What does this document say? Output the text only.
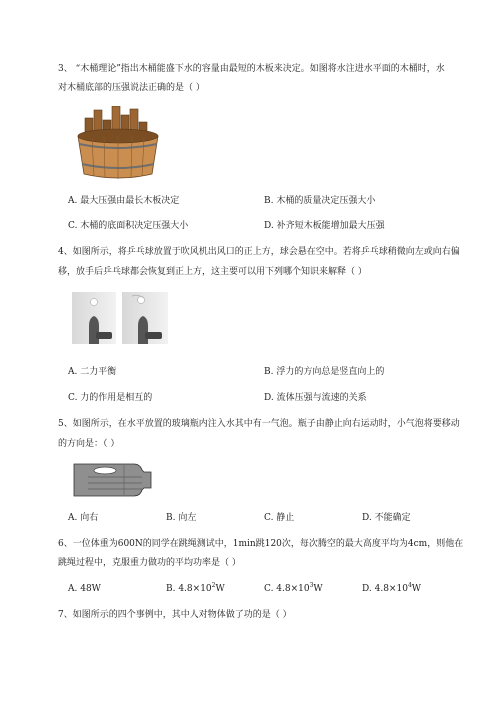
3、 “木桶理论”指出木桶能盛下水的容量由最短的木板来决定。如图将水注进水平面的木桶时，水
对木桶底部的压强说法正确的是（ ）
A. 最大压强由最长木板决定	B. 木桶的质量决定压强大小
C. 木桶的底面积决定压强大小	D. 补齐短木板能增加最大压强
4、如图所示，将乒乓球放置于吹风机出风口的正上方，球会悬在空中。若将乒乓球稍微向左或向右偏
移，放手后乒乓球都会恢复到正上方，这主要可以用下列哪个知识来解释（ ）
A. 二力平衡	B. 浮力的方向总是竖直向上的
C. 力的作用是相互的	D. 流体压强与流速的关系
5、如图所示，在水平放置的玻璃瓶内注入水其中有一气泡。瓶子由静止向右运动时，小气泡将要移动
的方向是：（ ）
A. 向右	B. 向左	C. 静止	D. 不能确定
6、一位体重为600N的同学在跳绳测试中，1min跳120次，每次腾空的最大高度平均为4cm，则他在
跳绳过程中，克服重力做功的平均功率是（ ）
A. 48W	B. $4.8\times 10^2W$	C. $4.8\times 10^3W$	D. $4.8\times 10^4W$
7、如图所示的四个事例中，其中人对物体做了功的是（ ）
